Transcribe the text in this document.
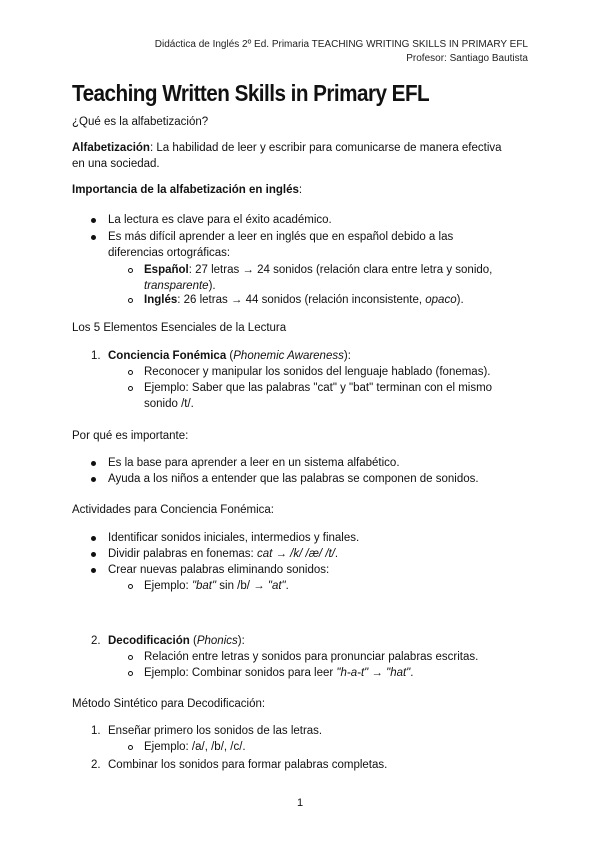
Didáctica de Inglés 2º Ed. Primaria TEACHING WRITING SKILLS IN PRIMARY EFL
Profesor: Santiago Bautista
Teaching Written Skills in Primary EFL
¿Qué es la alfabetización?
Alfabetización: La habilidad de leer y escribir para comunicarse de manera efectiva
en una sociedad.
Importancia de la alfabetización en inglés:
La lectura es clave para el éxito académico.
Es más difícil aprender a leer en inglés que en español debido a las
diferencias ortográficas:
Español: 27 letras → 24 sonidos (relación clara entre letra y sonido,
transparente).
Inglés: 26 letras → 44 sonidos (relación inconsistente, opaco).
Los 5 Elementos Esenciales de la Lectura
1. Conciencia Fonémica (Phonemic Awareness):
Reconocer y manipular los sonidos del lenguaje hablado (fonemas).
Ejemplo: Saber que las palabras "cat" y "bat" terminan con el mismo
sonido /t/.
Por qué es importante:
Es la base para aprender a leer en un sistema alfabético.
Ayuda a los niños a entender que las palabras se componen de sonidos.
Actividades para Conciencia Fonémica:
Identificar sonidos iniciales, intermedios y finales.
Dividir palabras en fonemas: cat → /k/ /æ/ /t/.
Crear nuevas palabras eliminando sonidos:
Ejemplo: "bat" sin /b/ → "at".
2. Decodificación (Phonics):
Relación entre letras y sonidos para pronunciar palabras escritas.
Ejemplo: Combinar sonidos para leer "h-a-t" → "hat".
Método Sintético para Decodificación:
1. Enseñar primero los sonidos de las letras.
Ejemplo: /a/, /b/, /c/.
2. Combinar los sonidos para formar palabras completas.
1
